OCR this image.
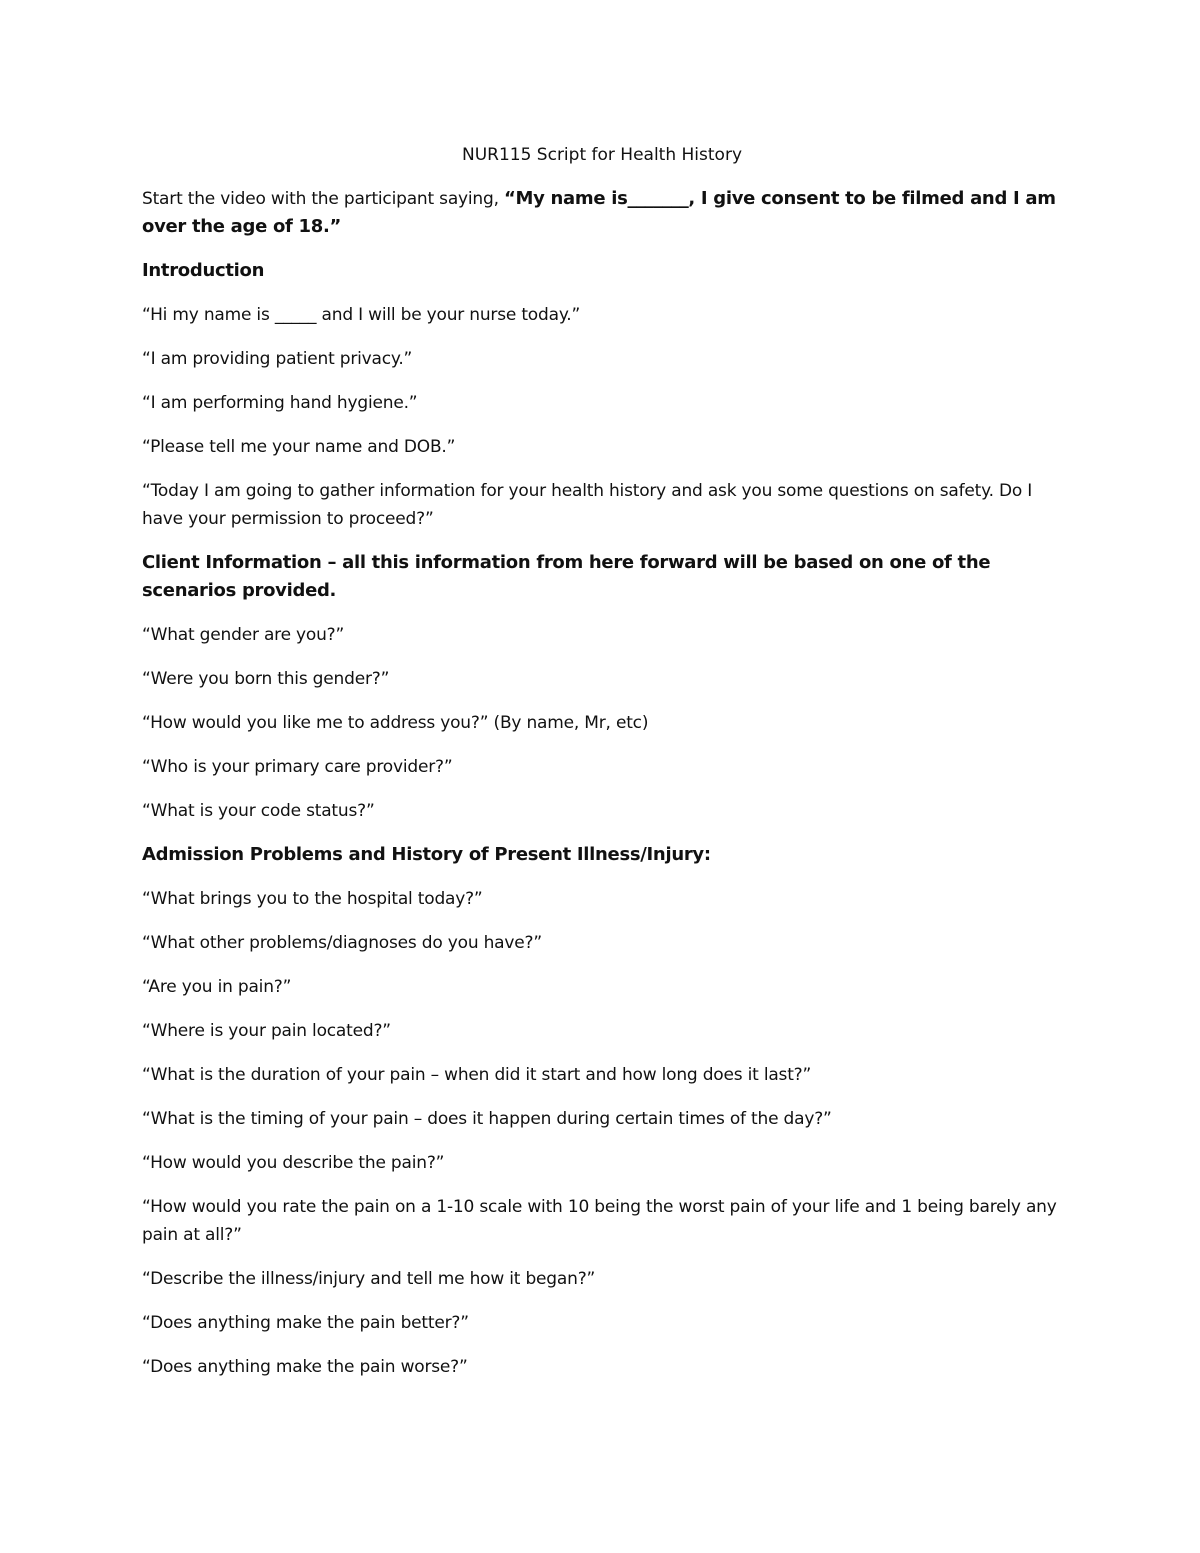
NUR115 Script for Health History
Start the video with the participant saying, “My name is_______, I give consent to be filmed and I am over the age of 18.”
Introduction
“Hi my name is _____ and I will be your nurse today.”
“I am providing patient privacy.”
“I am performing hand hygiene.”
“Please tell me your name and DOB.”
“Today I am going to gather information for your health history and ask you some questions on safety. Do I have your permission to proceed?”
Client Information – all this information from here forward will be based on one of the scenarios provided.
“What gender are you?”
“Were you born this gender?”
“How would you like me to address you?” (By name, Mr, etc)
“Who is your primary care provider?”
“What is your code status?”
Admission Problems and History of Present Illness/Injury:
“What brings you to the hospital today?”
“What other problems/diagnoses do you have?”
“Are you in pain?”
“Where is your pain located?”
“What is the duration of your pain – when did it start and how long does it last?”
“What is the timing of your pain – does it happen during certain times of the day?”
“How would you describe the pain?”
“How would you rate the pain on a 1-10 scale with 10 being the worst pain of your life and 1 being barely any pain at all?”
“Describe the illness/injury and tell me how it began?”
“Does anything make the pain better?”
“Does anything make the pain worse?”
